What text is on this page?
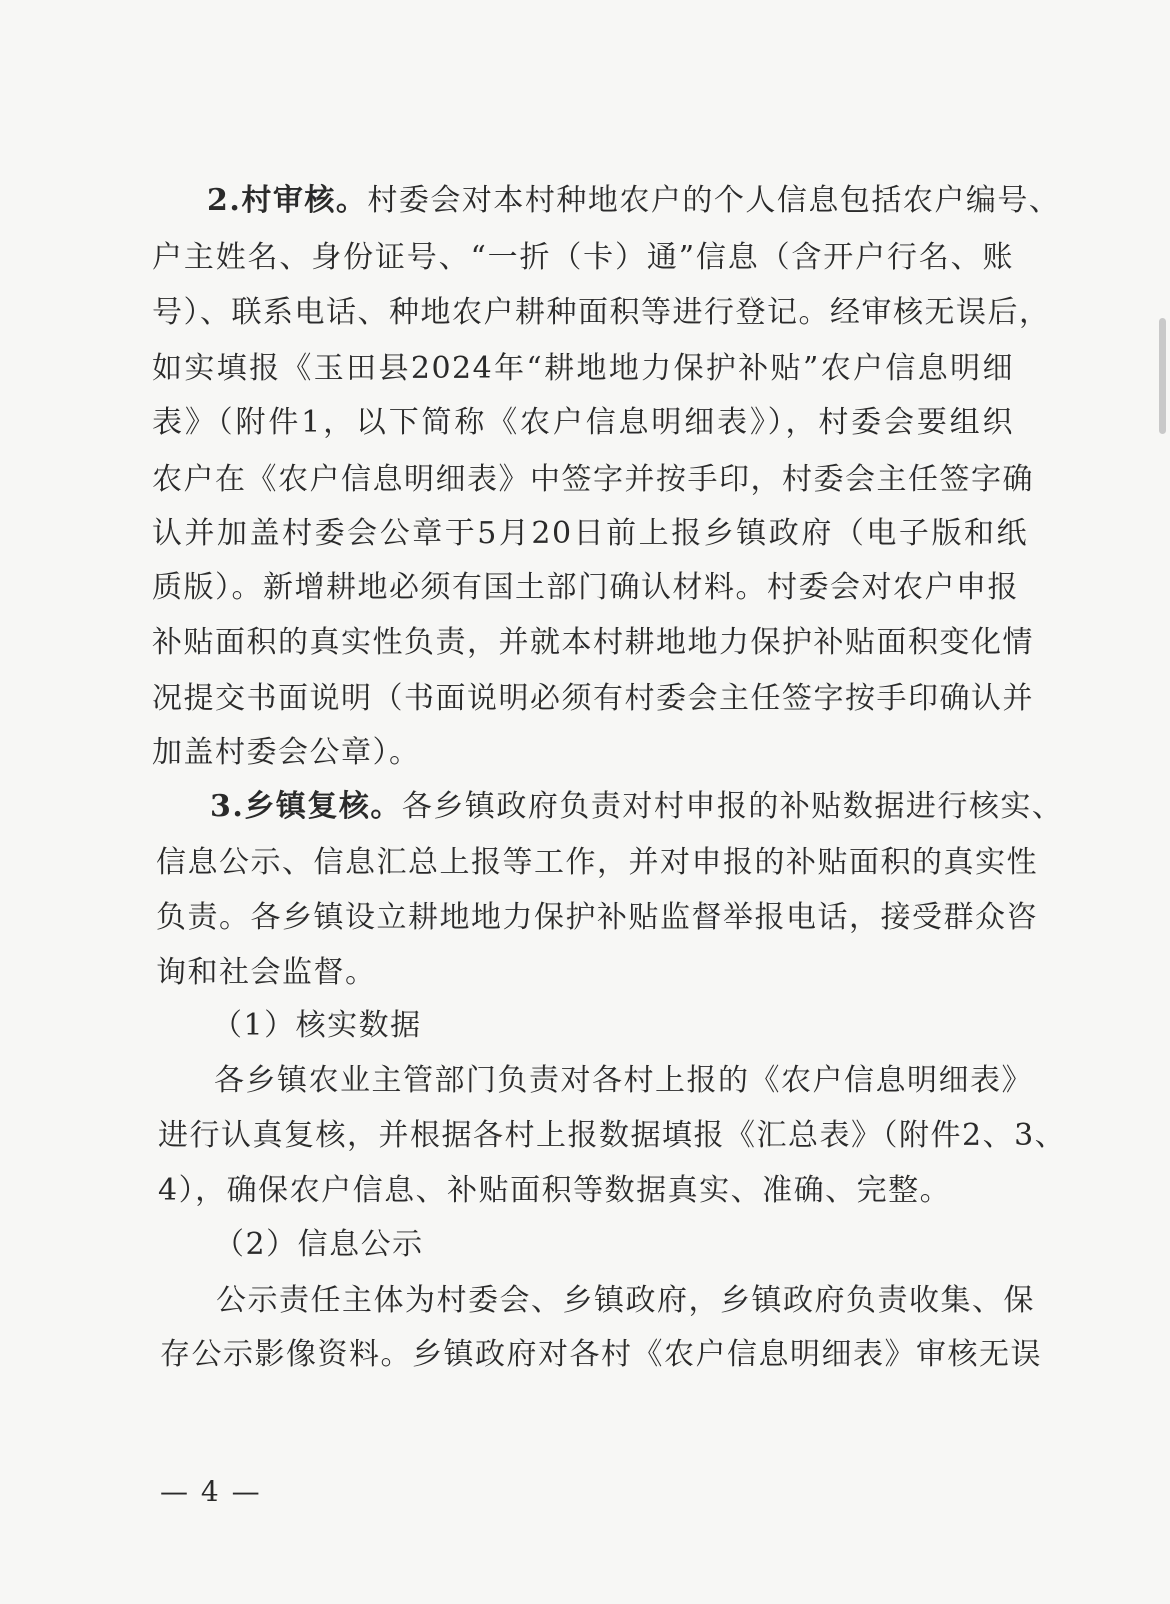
2.村审核。村委会对本村种地农户的个人信息包括农户编号、
户主姓名、身份证号、“一折（卡）通”信息（含开户行名、账
号）、联系电话、种地农户耕种面积等进行登记。经审核无误后，
如实填报《玉田县2024年“耕地地力保护补贴”农户信息明细
表》（附件1，以下简称《农户信息明细表》），村委会要组织
农户在《农户信息明细表》中签字并按手印，村委会主任签字确
认并加盖村委会公章于5月20日前上报乡镇政府（电子版和纸
质版）。新增耕地必须有国土部门确认材料。村委会对农户申报
补贴面积的真实性负责，并就本村耕地地力保护补贴面积变化情
况提交书面说明（书面说明必须有村委会主任签字按手印确认并
加盖村委会公章）。
3.乡镇复核。各乡镇政府负责对村申报的补贴数据进行核实、
信息公示、信息汇总上报等工作，并对申报的补贴面积的真实性
负责。各乡镇设立耕地地力保护补贴监督举报电话，接受群众咨
询和社会监督。
（1）核实数据
各乡镇农业主管部门负责对各村上报的《农户信息明细表》
进行认真复核，并根据各村上报数据填报《汇总表》（附件2、3、
4），确保农户信息、补贴面积等数据真实、准确、完整。
（2）信息公示
公示责任主体为村委会、乡镇政府，乡镇政府负责收集、保
存公示影像资料。乡镇政府对各村《农户信息明细表》审核无误
— 4 —
